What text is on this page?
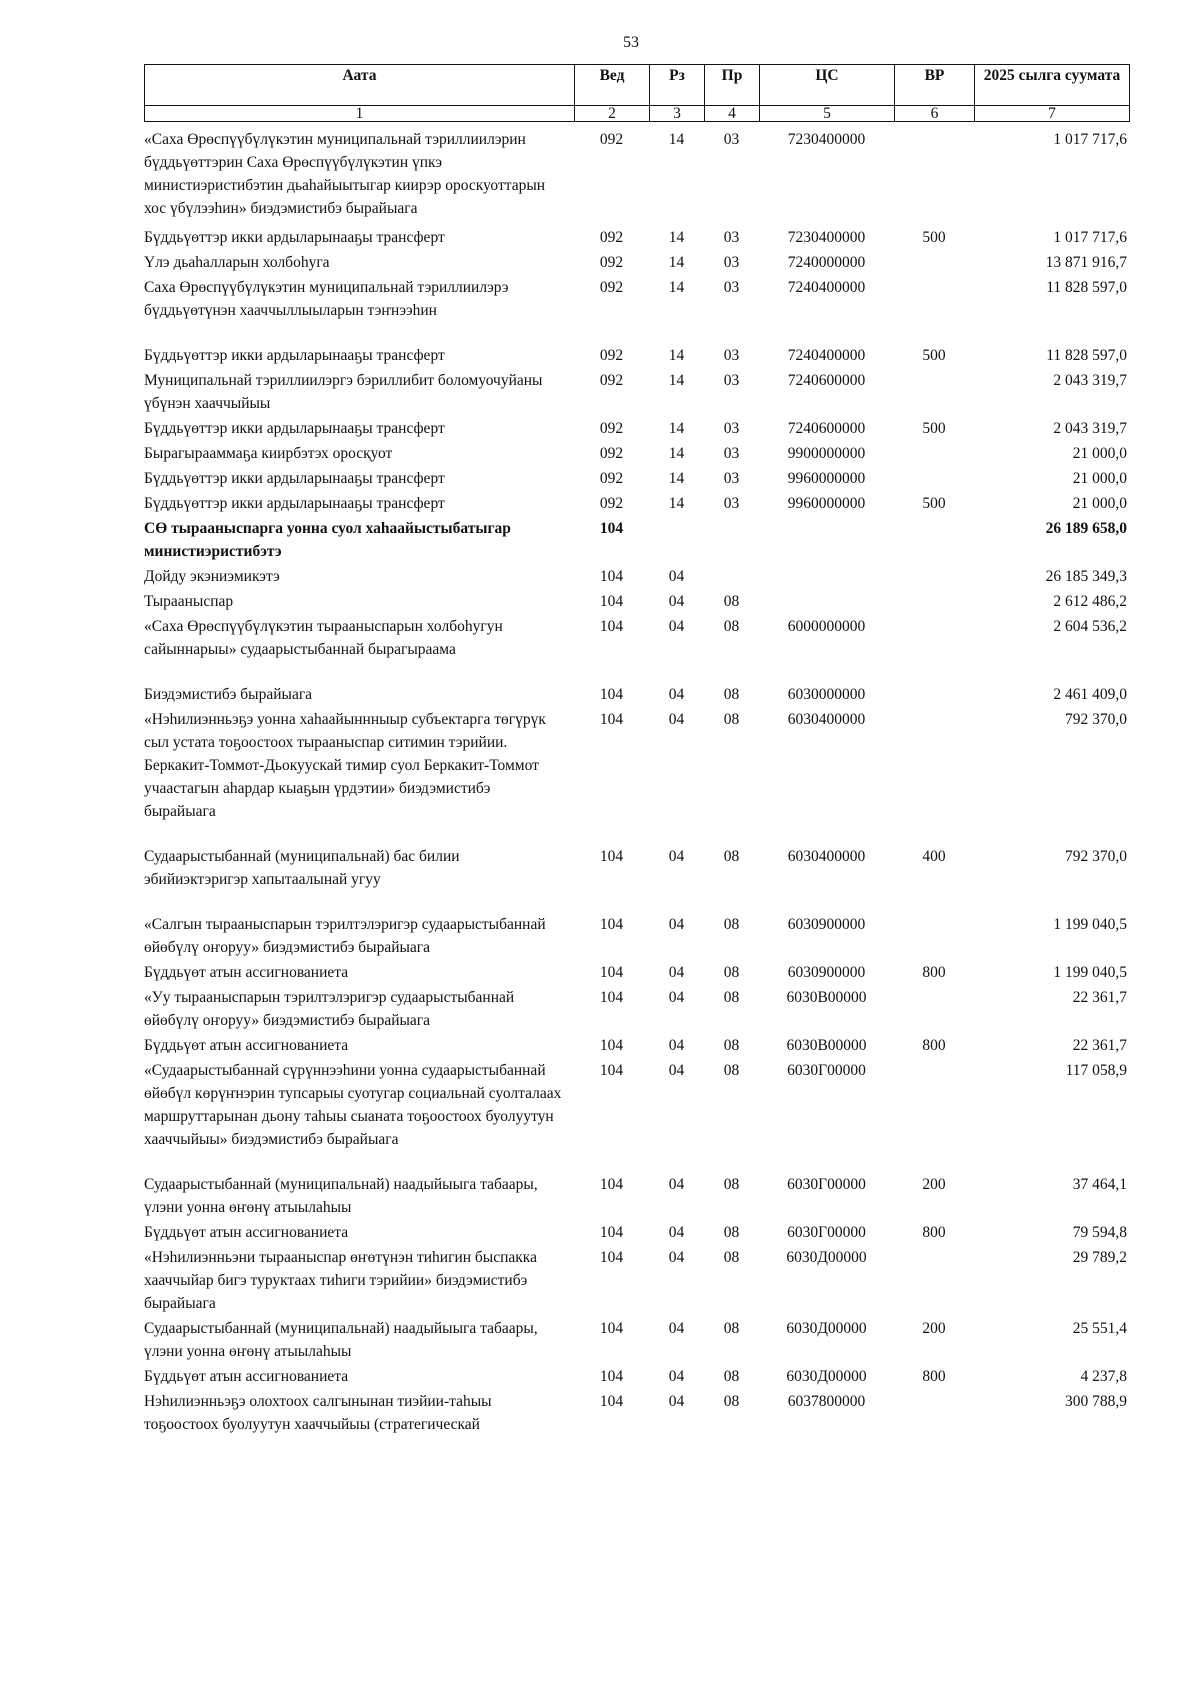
53
Аата	Вед	Рз	Пр	ЦС	ВР	2025 сылга суумата
1	2	3	4	5	6	7
«Саха Өрөспүүбүлүкэтин муниципальнай тэриллиилэрин бүддьүөттэрин Саха Өрөспүүбүлүкэтин үпкэ министиэристибэтин дьаһайыытыгар киирэр ороскуоттарын хос үбүлээһин» биэдэмистибэ бырайыага	092	14	03	7230400000		1 017 717,6
Бүддьүөттэр икки ардыларынааҕы трансферт	092	14	03	7230400000	500	1 017 717,6
Үлэ дьаһалларын холбоһуга	092	14	03	7240000000		13 871 916,7
Саха Өрөспүүбүлүкэтин муниципальнай тэриллиилэрэ бүддьүөтүнэн хааччыллыыларын тэҥнээһин	092	14	03	7240400000		11 828 597,0
Бүддьүөттэр икки ардыларынааҕы трансферт	092	14	03	7240400000	500	11 828 597,0
Муниципальнай тэриллиилэргэ бэриллибит боломуочуйаны үбүнэн хааччыйыы	092	14	03	7240600000		2 043 319,7
Бүддьүөттэр икки ардыларынааҕы трансферт	092	14	03	7240600000	500	2 043 319,7
Бырагырааммаҕа киирбэтэх оросқуот	092	14	03	9900000000		21 000,0
Бүддьүөттэр икки ардыларынааҕы трансферт	092	14	03	9960000000		21 000,0
Бүддьүөттэр икки ардыларынааҕы трансферт	092	14	03	9960000000	500	21 000,0
СӨ тырааныспарга уонна суол хаһаайыстыбатыгар министиэристибэтэ	104					26 189 658,0
Дойду экэниэмикэтэ	104	04				26 185 349,3
Тырааныспар	104	04	08			2 612 486,2
«Саха Өрөспүүбүлүкэтин тырааныспарын холбоһугун сайыннарыы» судаарыстыбаннай бырагыраама	104	04	08	6000000000		2 604 536,2
Биэдэмистибэ бырайыага	104	04	08	6030000000		2 461 409,0
«Нэһилиэнньэҕэ уонна хаһаайыннныыр субъектарга төгүрүк сыл устата тоҕоостоох тырааныспар ситимин тэрийии. Беркакит-Томмот-Дьокуускай тимир суол Беркакит-Томмот учаастагын аһардар кыаҕын үрдэтии» биэдэмистибэ бырайыага	104	04	08	6030400000		792 370,0
Судаарыстыбаннай (муниципальнай) бас билии эбийиэктэригэр хапытаалынай угуу	104	04	08	6030400000	400	792 370,0
«Салгын тырааныспарын тэрилтэлэригэр судаарыстыбаннай өйөбүлү оҥоруу» биэдэмистибэ бырайыага	104	04	08	6030900000		1 199 040,5
Бүддьүөт атын ассигнованиета	104	04	08	6030900000	800	1 199 040,5
«Уу тырааныспарын тэрилтэлэригэр судаарыстыбаннай өйөбүлү оҥоруу» биэдэмистибэ бырайыага	104	04	08	6030В00000		22 361,7
Бүддьүөт атын ассигнованиета	104	04	08	6030В00000	800	22 361,7
«Судаарыстыбаннай сүрүннээһини уонна судаарыстыбаннай өйөбүл көрүҥнэрин тупсарыы суотугар социальнай суолталаах маршруттарынан дьону таһыы сыаната тоҕоостоох буолуутун хааччыйыы» биэдэмистибэ бырайыага	104	04	08	6030Г00000		117 058,9
Судаарыстыбаннай (муниципальнай) наадыйыыга табаары, үлэни уонна өҥөнү атыылаһыы	104	04	08	6030Г00000	200	37 464,1
Бүддьүөт атын ассигнованиета	104	04	08	6030Г00000	800	79 594,8
«Нэһилиэнньэни тырааныспар өҥөтүнэн тиһигин быспакка хааччыйар бигэ туруктаах тиһиги тэрийии» биэдэмистибэ бырайыага	104	04	08	6030Д00000		29 789,2
Судаарыстыбаннай (муниципальнай) наадыйыыга табаары, үлэни уонна өҥөнү атыылаһыы	104	04	08	6030Д00000	200	25 551,4
Бүддьүөт атын ассигнованиета	104	04	08	6030Д00000	800	4 237,8
Нэһилиэнньэҕэ олохтоох салгынынан тиэйии-таһыы тоҕоостоох буолуутун хааччыйыы (стратегическай	104	04	08	6037800000		300 788,9
